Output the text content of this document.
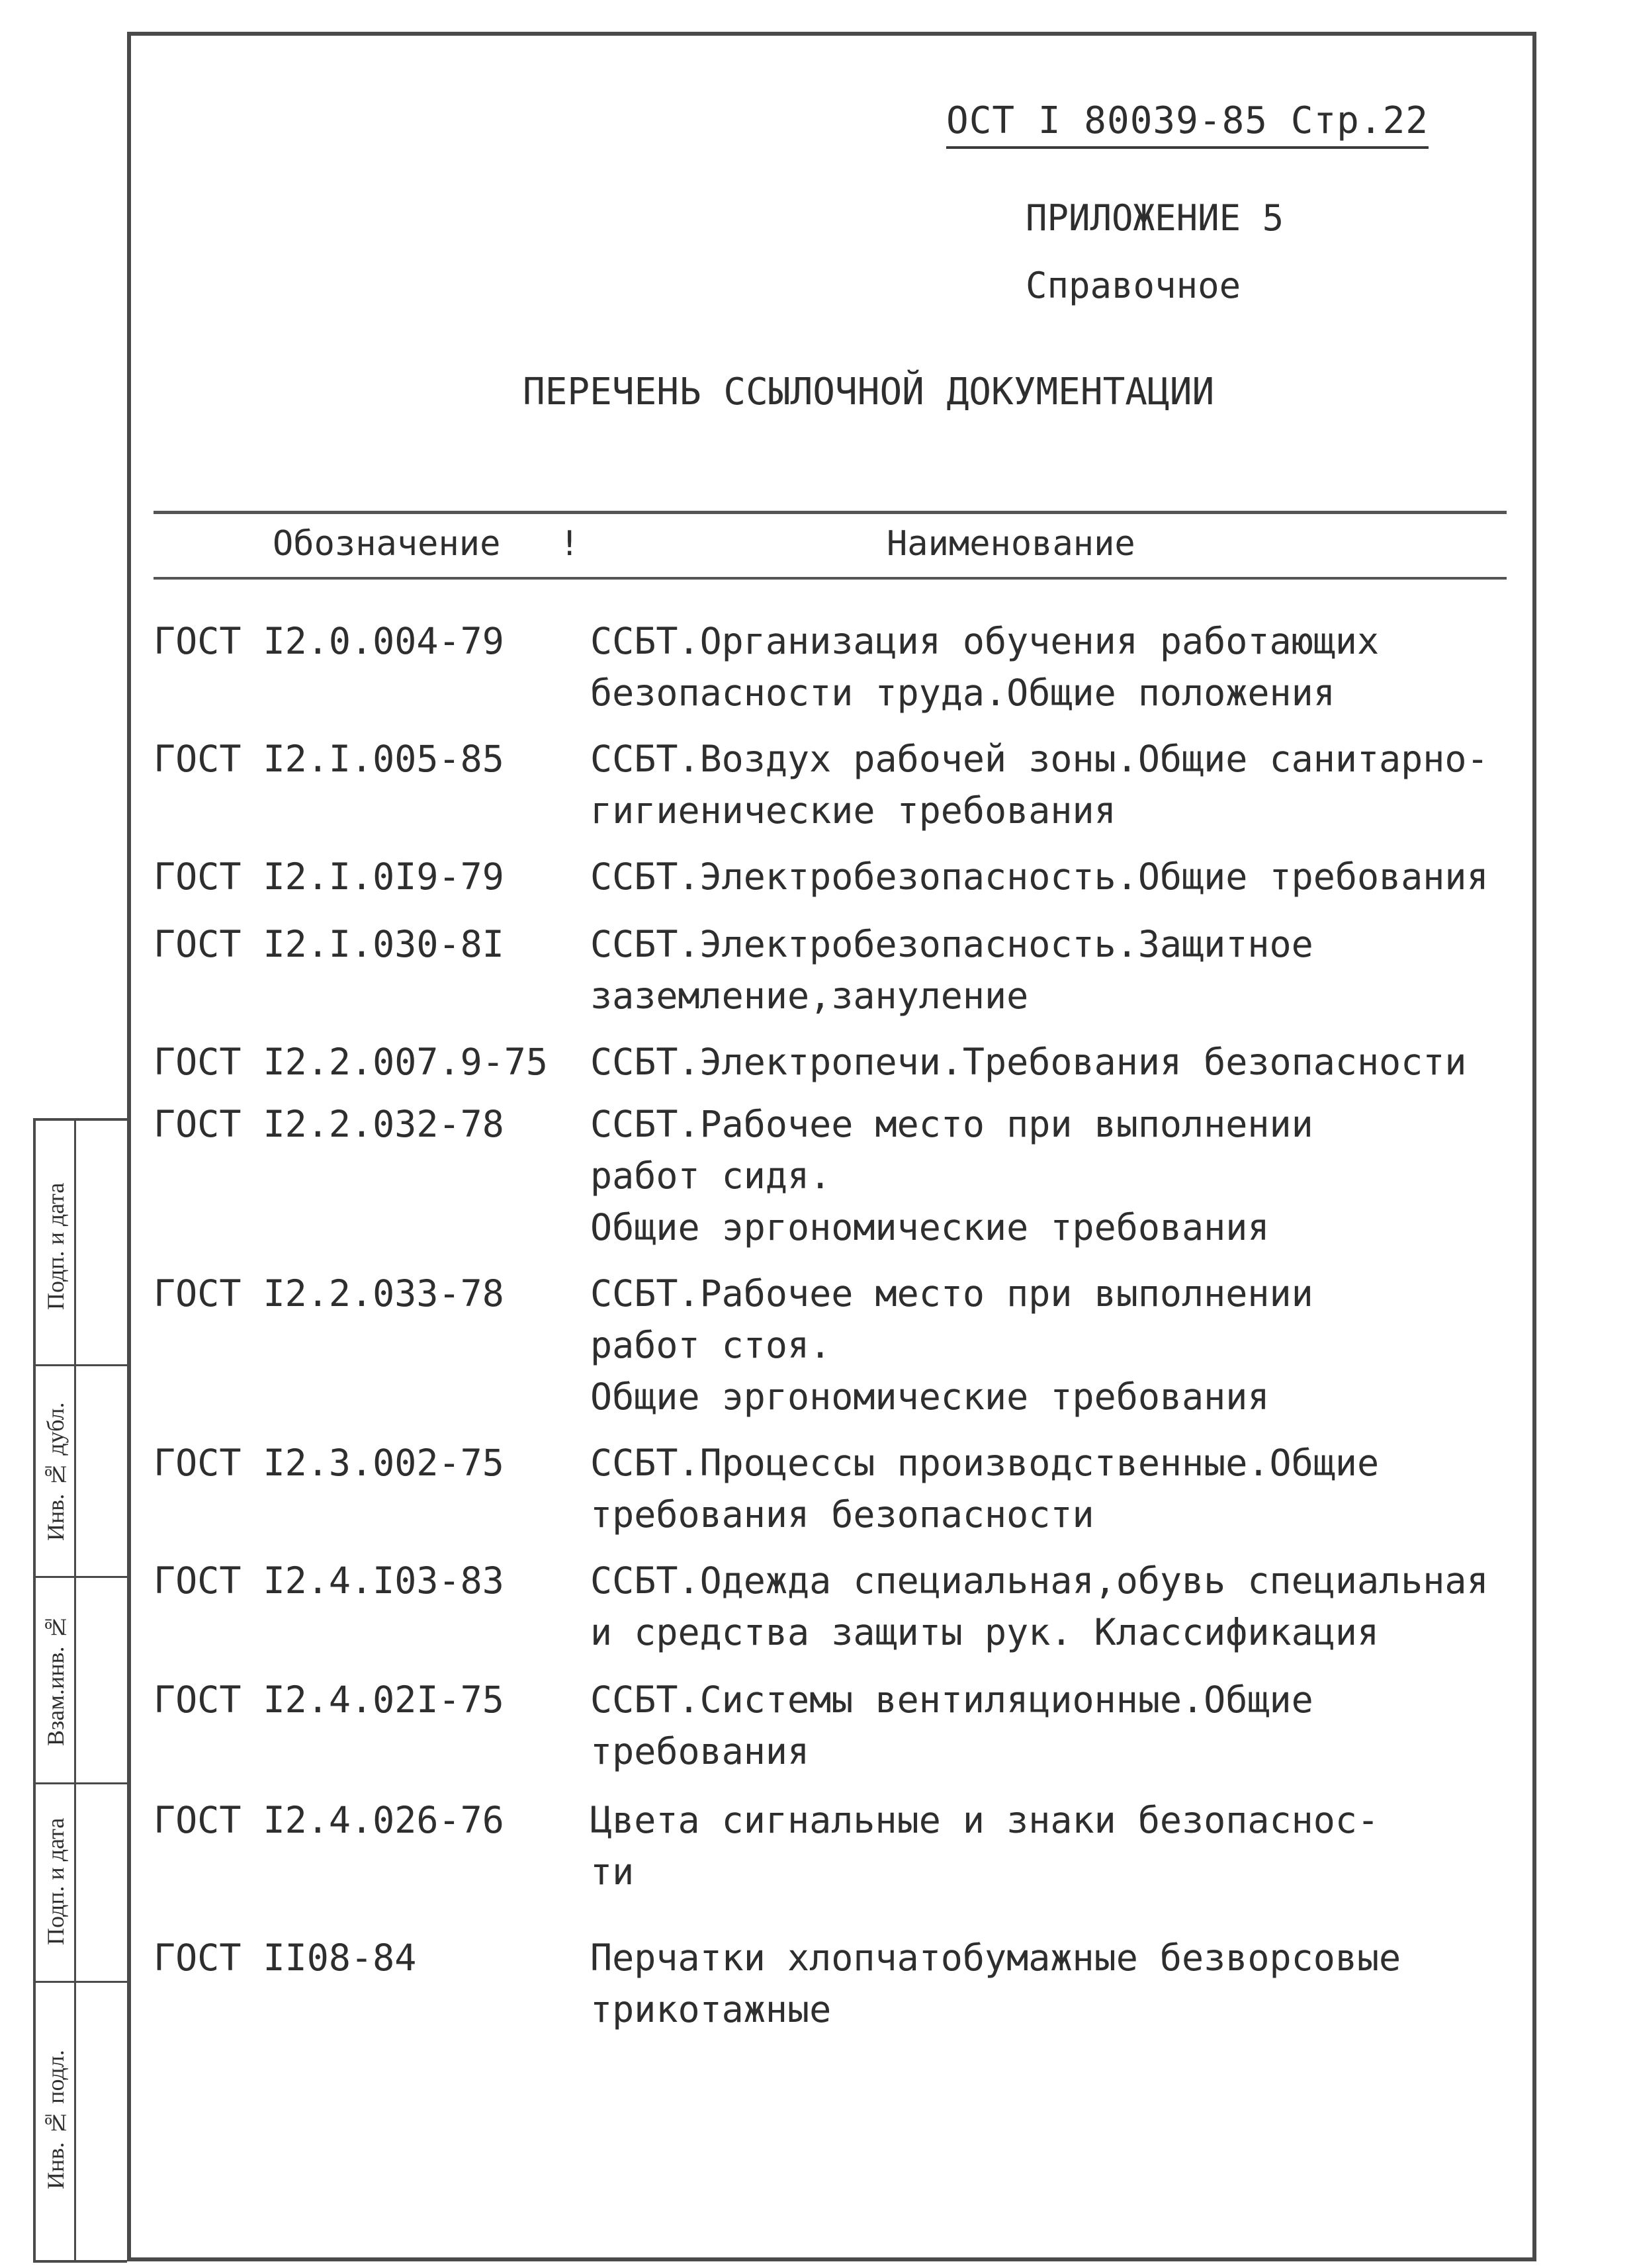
ОСТ I 80039-85 Стр.22
ПРИЛОЖЕНИЕ 5
Справочное
ПЕРЕЧЕНЬ ССЫЛОЧНОЙ ДОКУМЕНТАЦИИ
Обозначение !	Наименование
ГОСТ I2.0.004-79 ССБТ.Организация обучения работающих
безопасности труда.Общие положения
ГОСТ I2.I.005-85 ССБТ.Воздух рабочей зоны.Общие санитарно-
гигиенические требования
ГОСТ I2.I.0I9-79 ССБТ.Электробезопасность.Общие требования
ГОСТ I2.I.030-8I ССБТ.Электробезопасность.Защитное
заземление,зануление
ГОСТ I2.2.007.9-75 ССБТ.Электропечи.Требования безопасности
ГОСТ I2.2.032-78 ССБТ.Рабочее место при выполнении
работ сидя.
Общие эргономические требования
ГОСТ I2.2.033-78 ССБТ.Рабочее место при выполнении
работ стоя.
Общие эргономические требования
ГОСТ I2.3.002-75 ССБТ.Процессы производственные.Общие
требования безопасности
ГОСТ I2.4.I03-83 ССБТ.Одежда специальная,обувь специальная
и средства защиты рук. Классификация
ГОСТ I2.4.02I-75 ССБТ.Системы вентиляционные.Общие
требования
ГОСТ I2.4.026-76 Цвета сигнальные и знаки безопаснос-
ти
ГОСТ II08-84	Перчатки хлопчатобумажные безворсовые
трикотажные
Подп. и дата
Инв. № дубл.
Взам.инв. №
Подп. и дата
Инв. № подл.
